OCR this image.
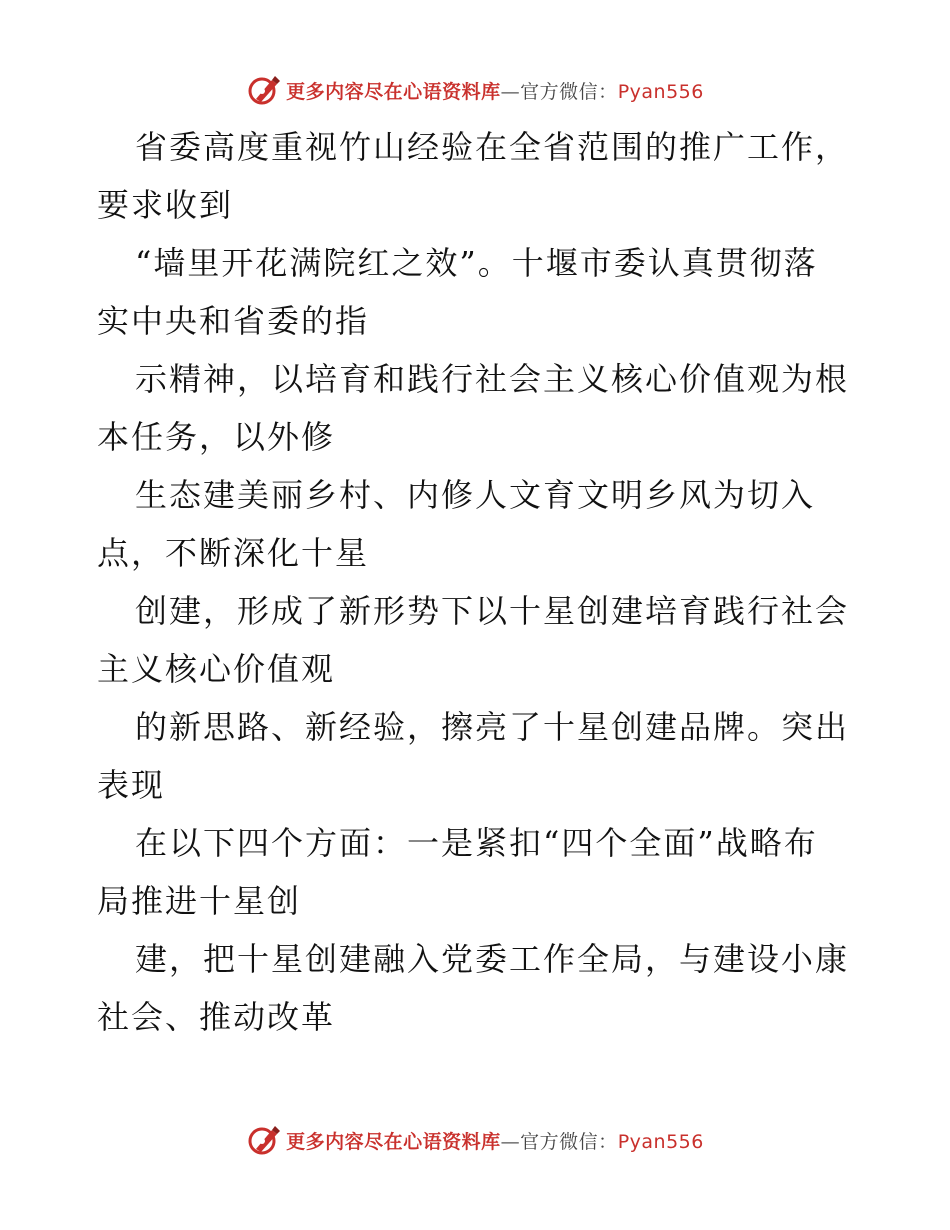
更多内容尽在心语资料库—官方微信：Pyan556
省委高度重视竹山经验在全省范围的推广工作，
要求收到
“墙里开花满院红之效”。十堰市委认真贯彻落
实中央和省委的指
示精神，以培育和践行社会主义核心价值观为根
本任务，以外修
生态建美丽乡村、内修人文育文明乡风为切入
点，不断深化十星
创建，形成了新形势下以十星创建培育践行社会
主义核心价值观
的新思路、新经验，擦亮了十星创建品牌。突出
表现
在以下四个方面：一是紧扣“四个全面”战略布
局推进十星创
建，把十星创建融入党委工作全局，与建设小康
社会、推动改革
更多内容尽在心语资料库—官方微信：Pyan556
